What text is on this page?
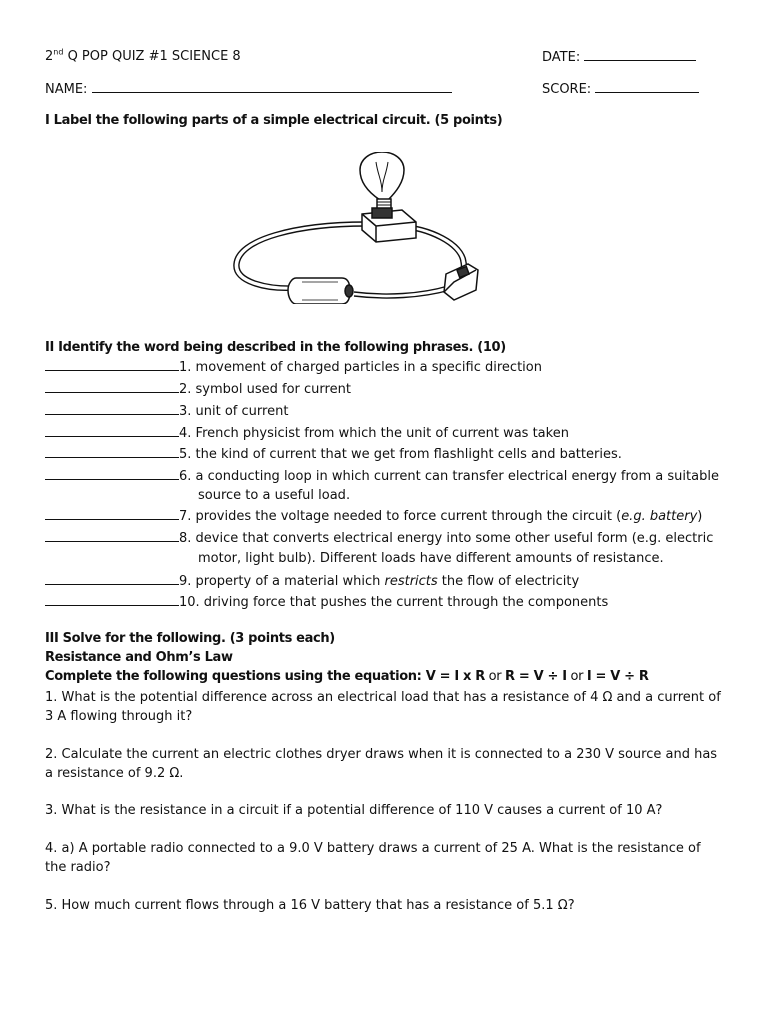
2nd Q POP QUIZ #1 SCIENCE 8	DATE:
NAME:	SCORE:
I Label the following parts of a simple electrical circuit. (5 points)
II Identify the word being described in the following phrases. (10)
1. movement of charged particles in a specific direction
2. symbol used for current
3. unit of current
4. French physicist from which the unit of current was taken
5. the kind of current that we get from flashlight cells and batteries.
6. a conducting loop in which current can transfer electrical energy from a suitable
source to a useful load.
7. provides the voltage needed to force current through the circuit (e.g. battery)
8. device that converts electrical energy into some other useful form (e.g. electric
motor, light bulb). Different loads have different amounts of resistance.
9. property of a material which restricts the flow of electricity
10. driving force that pushes the current through the components
III Solve for the following. (3 points each)
Resistance and Ohm’s Law
Complete the following questions using the equation: V = I x R or R = V ÷ I or I = V ÷ R
1. What is the potential difference across an electrical load that has a resistance of 4 Ω and a current of 3 A flowing through it?
2. Calculate the current an electric clothes dryer draws when it is connected to a 230 V source and has a resistance of 9.2 Ω.
3. What is the resistance in a circuit if a potential difference of 110 V causes a current of 10 A?
4. a) A portable radio connected to a 9.0 V battery draws a current of 25 A. What is the resistance of the radio?
5. How much current flows through a 16 V battery that has a resistance of 5.1 Ω?
